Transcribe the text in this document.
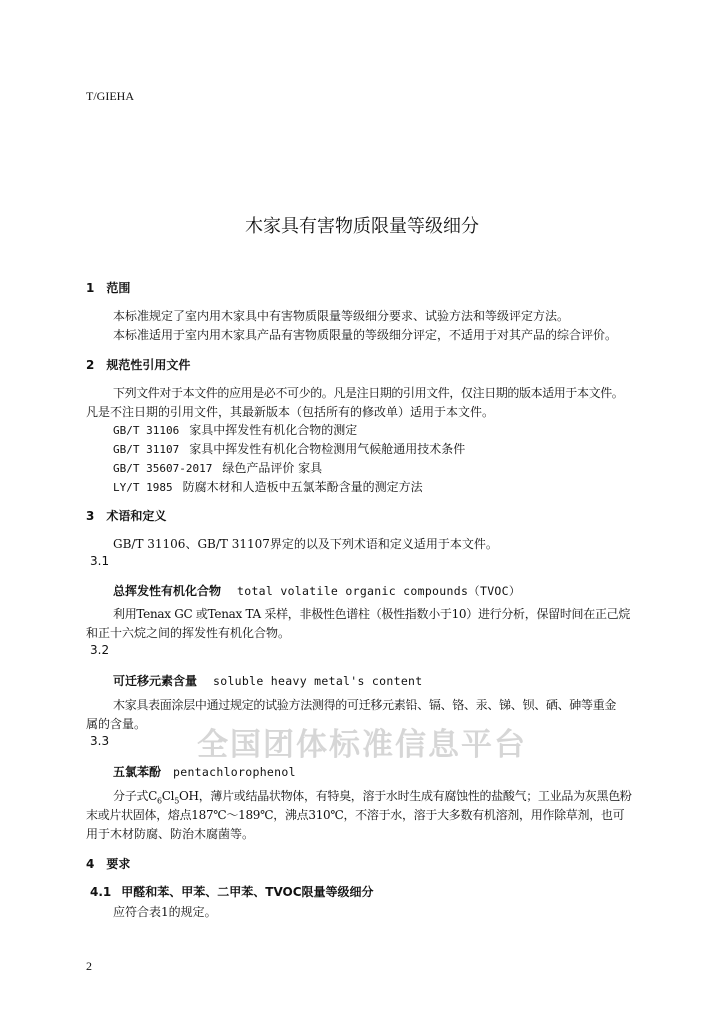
T/GIEHA
木家具有害物质限量等级细分
全国团体标准信息平台
1 范围
本标准规定了室内用木家具中有害物质限量等级细分要求、试验方法和等级评定方法。
本标准适用于室内用木家具产品有害物质限量的等级细分评定，不适用于对其产品的综合评价。
2 规范性引用文件
下列文件对于本文件的应用是必不可少的。凡是注日期的引用文件，仅注日期的版本适用于本文件。
凡是不注日期的引用文件，其最新版本（包括所有的修改单）适用于本文件。
GB/T 31106 家具中挥发性有机化合物的测定
GB/T 31107 家具中挥发性有机化合物检测用气候舱通用技术条件
GB/T 35607-2017 绿色产品评价 家具
LY/T 1985 防腐木材和人造板中五氯苯酚含量的测定方法
3 术语和定义
GB/T 31106、GB/T 31107界定的以及下列术语和定义适用于本文件。
3.1
总挥发性有机化合物 total volatile organic compounds（TVOC）
利用Tenax GC 或Tenax TA 采样，非极性色谱柱（极性指数小于10）进行分析，保留时间在正己烷
和正十六烷之间的挥发性有机化合物。
3.2
可迁移元素含量 soluble heavy metal's content
木家具表面涂层中通过规定的试验方法测得的可迁移元素铅、镉、铬、汞、锑、钡、硒、砷等重金
属的含量。
3.3
五氯苯酚 pentachlorophenol
分子式$C_6Cl_5OH$，薄片或结晶状物体，有特臭，溶于水时生成有腐蚀性的盐酸气；工业品为灰黑色粉
末或片状固体，熔点187℃～189℃，沸点310℃，不溶于水，溶于大多数有机溶剂，用作除草剂，也可
用于木材防腐、防治木腐菌等。
4 要求
4.1 甲醛和苯、甲苯、二甲苯、TVOC限量等级细分
应符合表1的规定。
2
